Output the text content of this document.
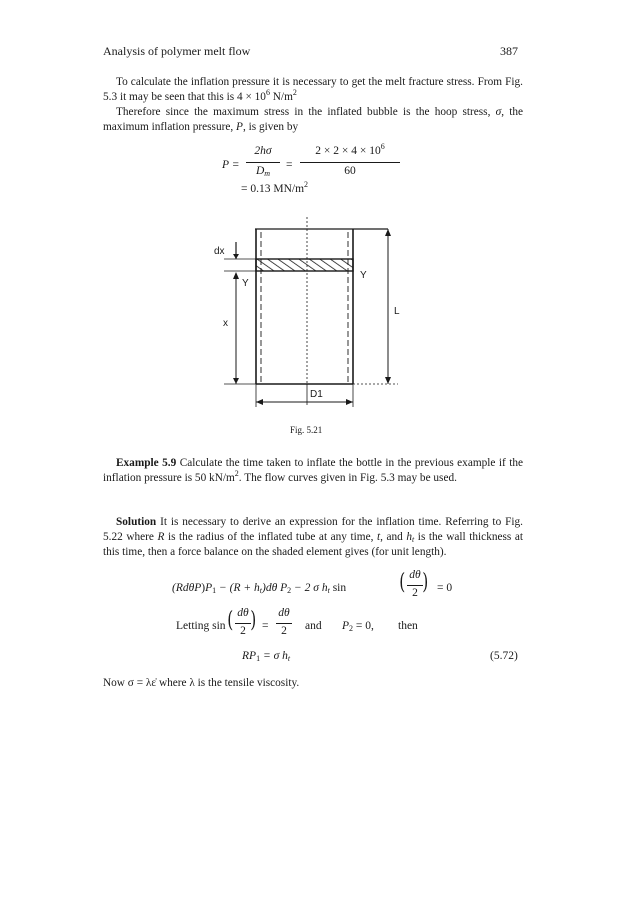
Analysis of polymer melt flow	387
To calculate the inflation pressure it is necessary to get the melt fracture stress. From Fig. 5.3 it may be seen that this is $4 \times 10^6$ $N/m^2$
Therefore since the maximum stress in the inflated bubble is the hoop stress, σ, the maximum inflation pressure, P, is given by
P =
2hσ
$D_m$
=
$2 \times 2 \times 4 \times 10^6$
60
= 0.13 $MN/m^2$
dx
Y
Y
x
L
D1
Fig. 5.21
Example 5.9 Calculate the time taken to inflate the bottle in the previous example if the inflation pressure is 50 $kN/m^2$. The flow curves given in Fig. 5.3 may be used.
Solution It is necessary to derive an expression for the inflation time. Referring to Fig. 5.22 where R is the radius of the inflated tube at any time, t, and $h_t$ is the wall thickness at this time, then a force balance on the shaded element gives (for unit length).
$(Rd\theta P)P_1 - (R + h_t)d\theta$ $P_2 - 2$ σ $h_t$ sin ( dθ
2 ) = 0
Letting sin ( dθ
2 ) =
dθ
2	and $P_2 = 0$, then
$RP_1 = \sigma$ $h_t$	(5.72)
Now σ = λε̇ where λ is the tensile viscosity.
